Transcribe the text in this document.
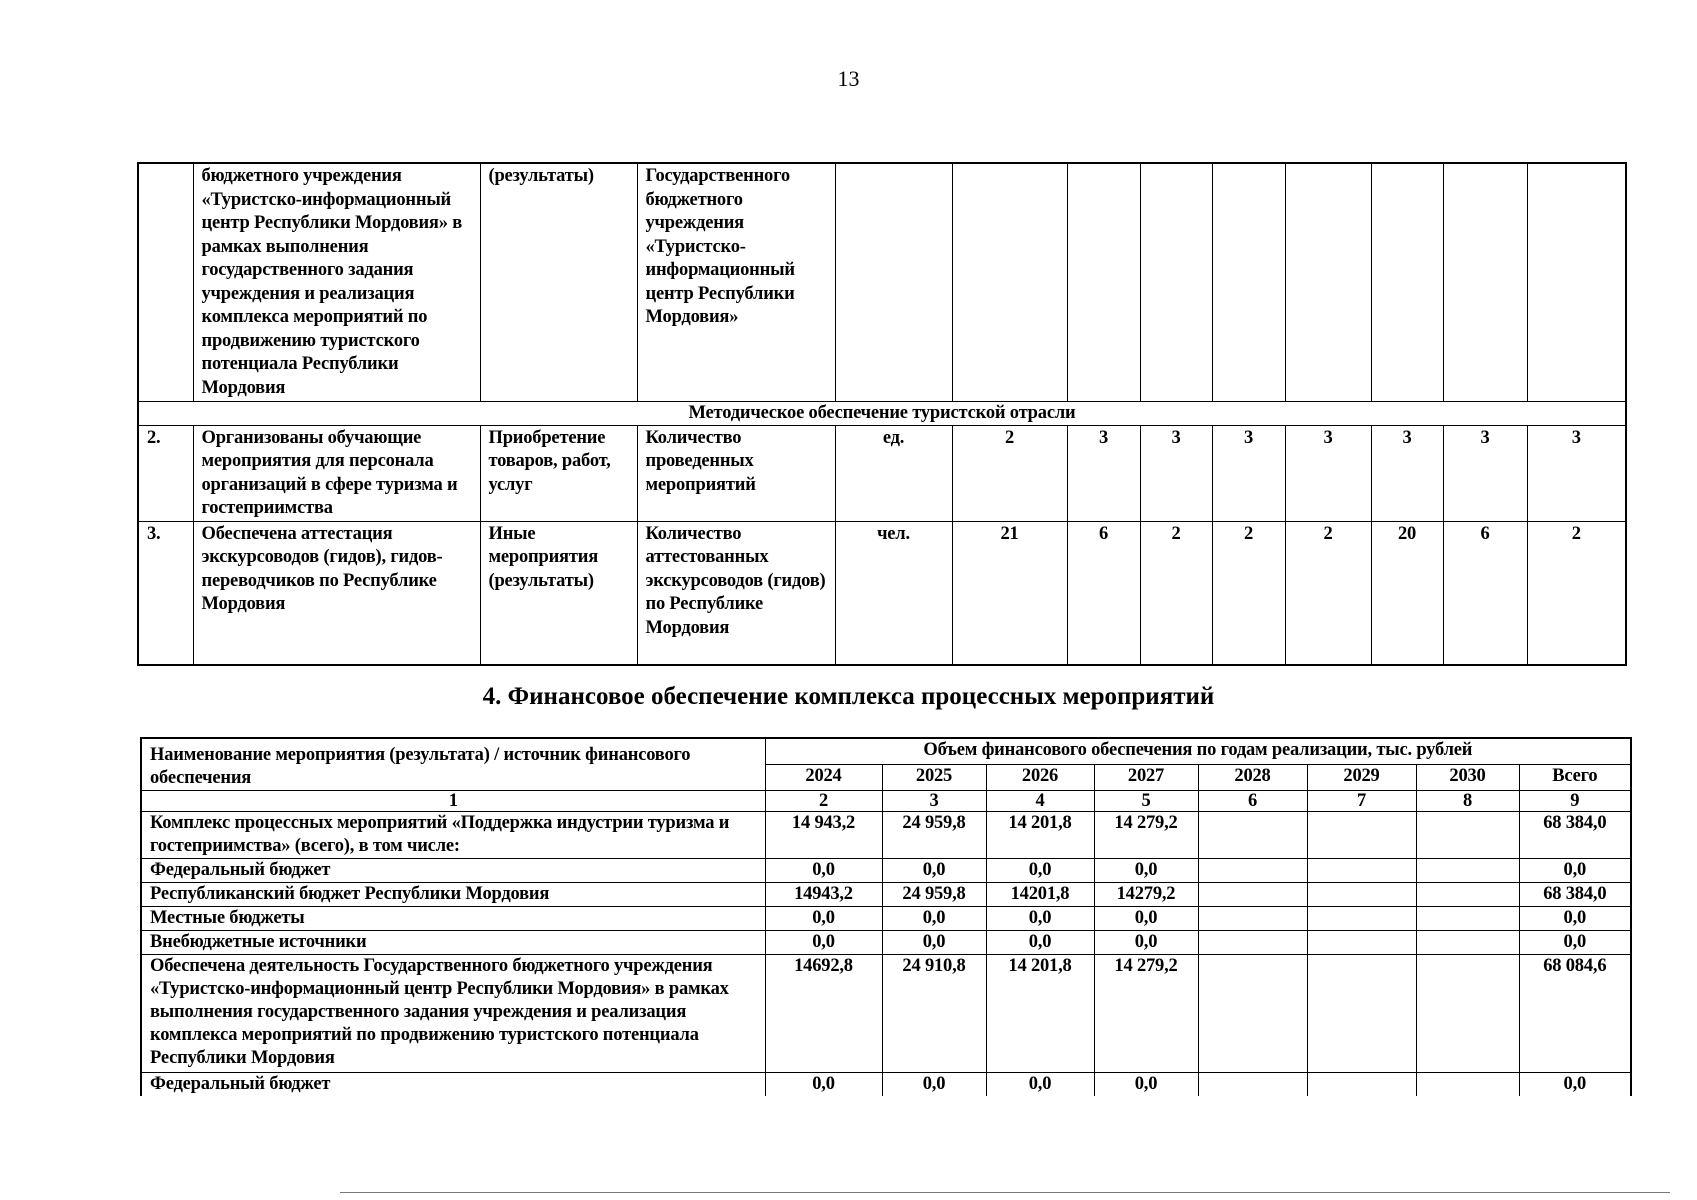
13
	бюджетного учреждения «Туристско-информационный центр Республики Мордовия» в рамках выполнения государственного задания учреждения и реализация комплекса мероприятий по продвижению туристского потенциала Республики Мордовия	(результаты)	Государственного бюджетного учреждения «Туристско-информационный центр Республики Мордовия»									
Методическое обеспечение туристской отрасли												
2.	Организованы обучающие мероприятия для персонала организаций в сфере туризма и гостеприимства	Приобретение товаров, работ, услуг	Количество проведенных мероприятий	ед.	2	3	3	3	3	3	3	3
3.	Обеспечена аттестация экскурсоводов (гидов), гидов-переводчиков по Республике Мордовия	Иные мероприятия (результаты)	Количество аттестованных экскурсоводов (гидов) по Республике Мордовия	чел.	21	6	2	2	2	20	6	2
4. Финансовое обеспечение комплекса процессных мероприятий
Наименование мероприятия (результата) / источник финансового обеспечения	Объем финансового обеспечения по годам реализации, тыс. рублей							
	2024	2025	2026	2027	2028	2029	2030	Всего
1	2	3	4	5	6	7	8	9
Комплекс процессных мероприятий «Поддержка индустрии туризма и гостеприимства» (всего), в том числе:	14 943,2	24 959,8	14 201,8	14 279,2				68 384,0
Федеральный бюджет	0,0	0,0	0,0	0,0				0,0
Республиканский бюджет Республики Мордовия	14943,2	24 959,8	14201,8	14279,2				68 384,0
Местные бюджеты	0,0	0,0	0,0	0,0				0,0
Внебюджетные источники	0,0	0,0	0,0	0,0				0,0
Обеспечена деятельность Государственного бюджетного учреждения «Туристско-информационный центр Республики Мордовия» в рамках выполнения государственного задания учреждения и реализация комплекса мероприятий по продвижению туристского потенциала Республики Мордовия	14692,8	24 910,8	14 201,8	14 279,2				68 084,6
Федеральный бюджет	0,0	0,0	0,0	0,0				0,0
